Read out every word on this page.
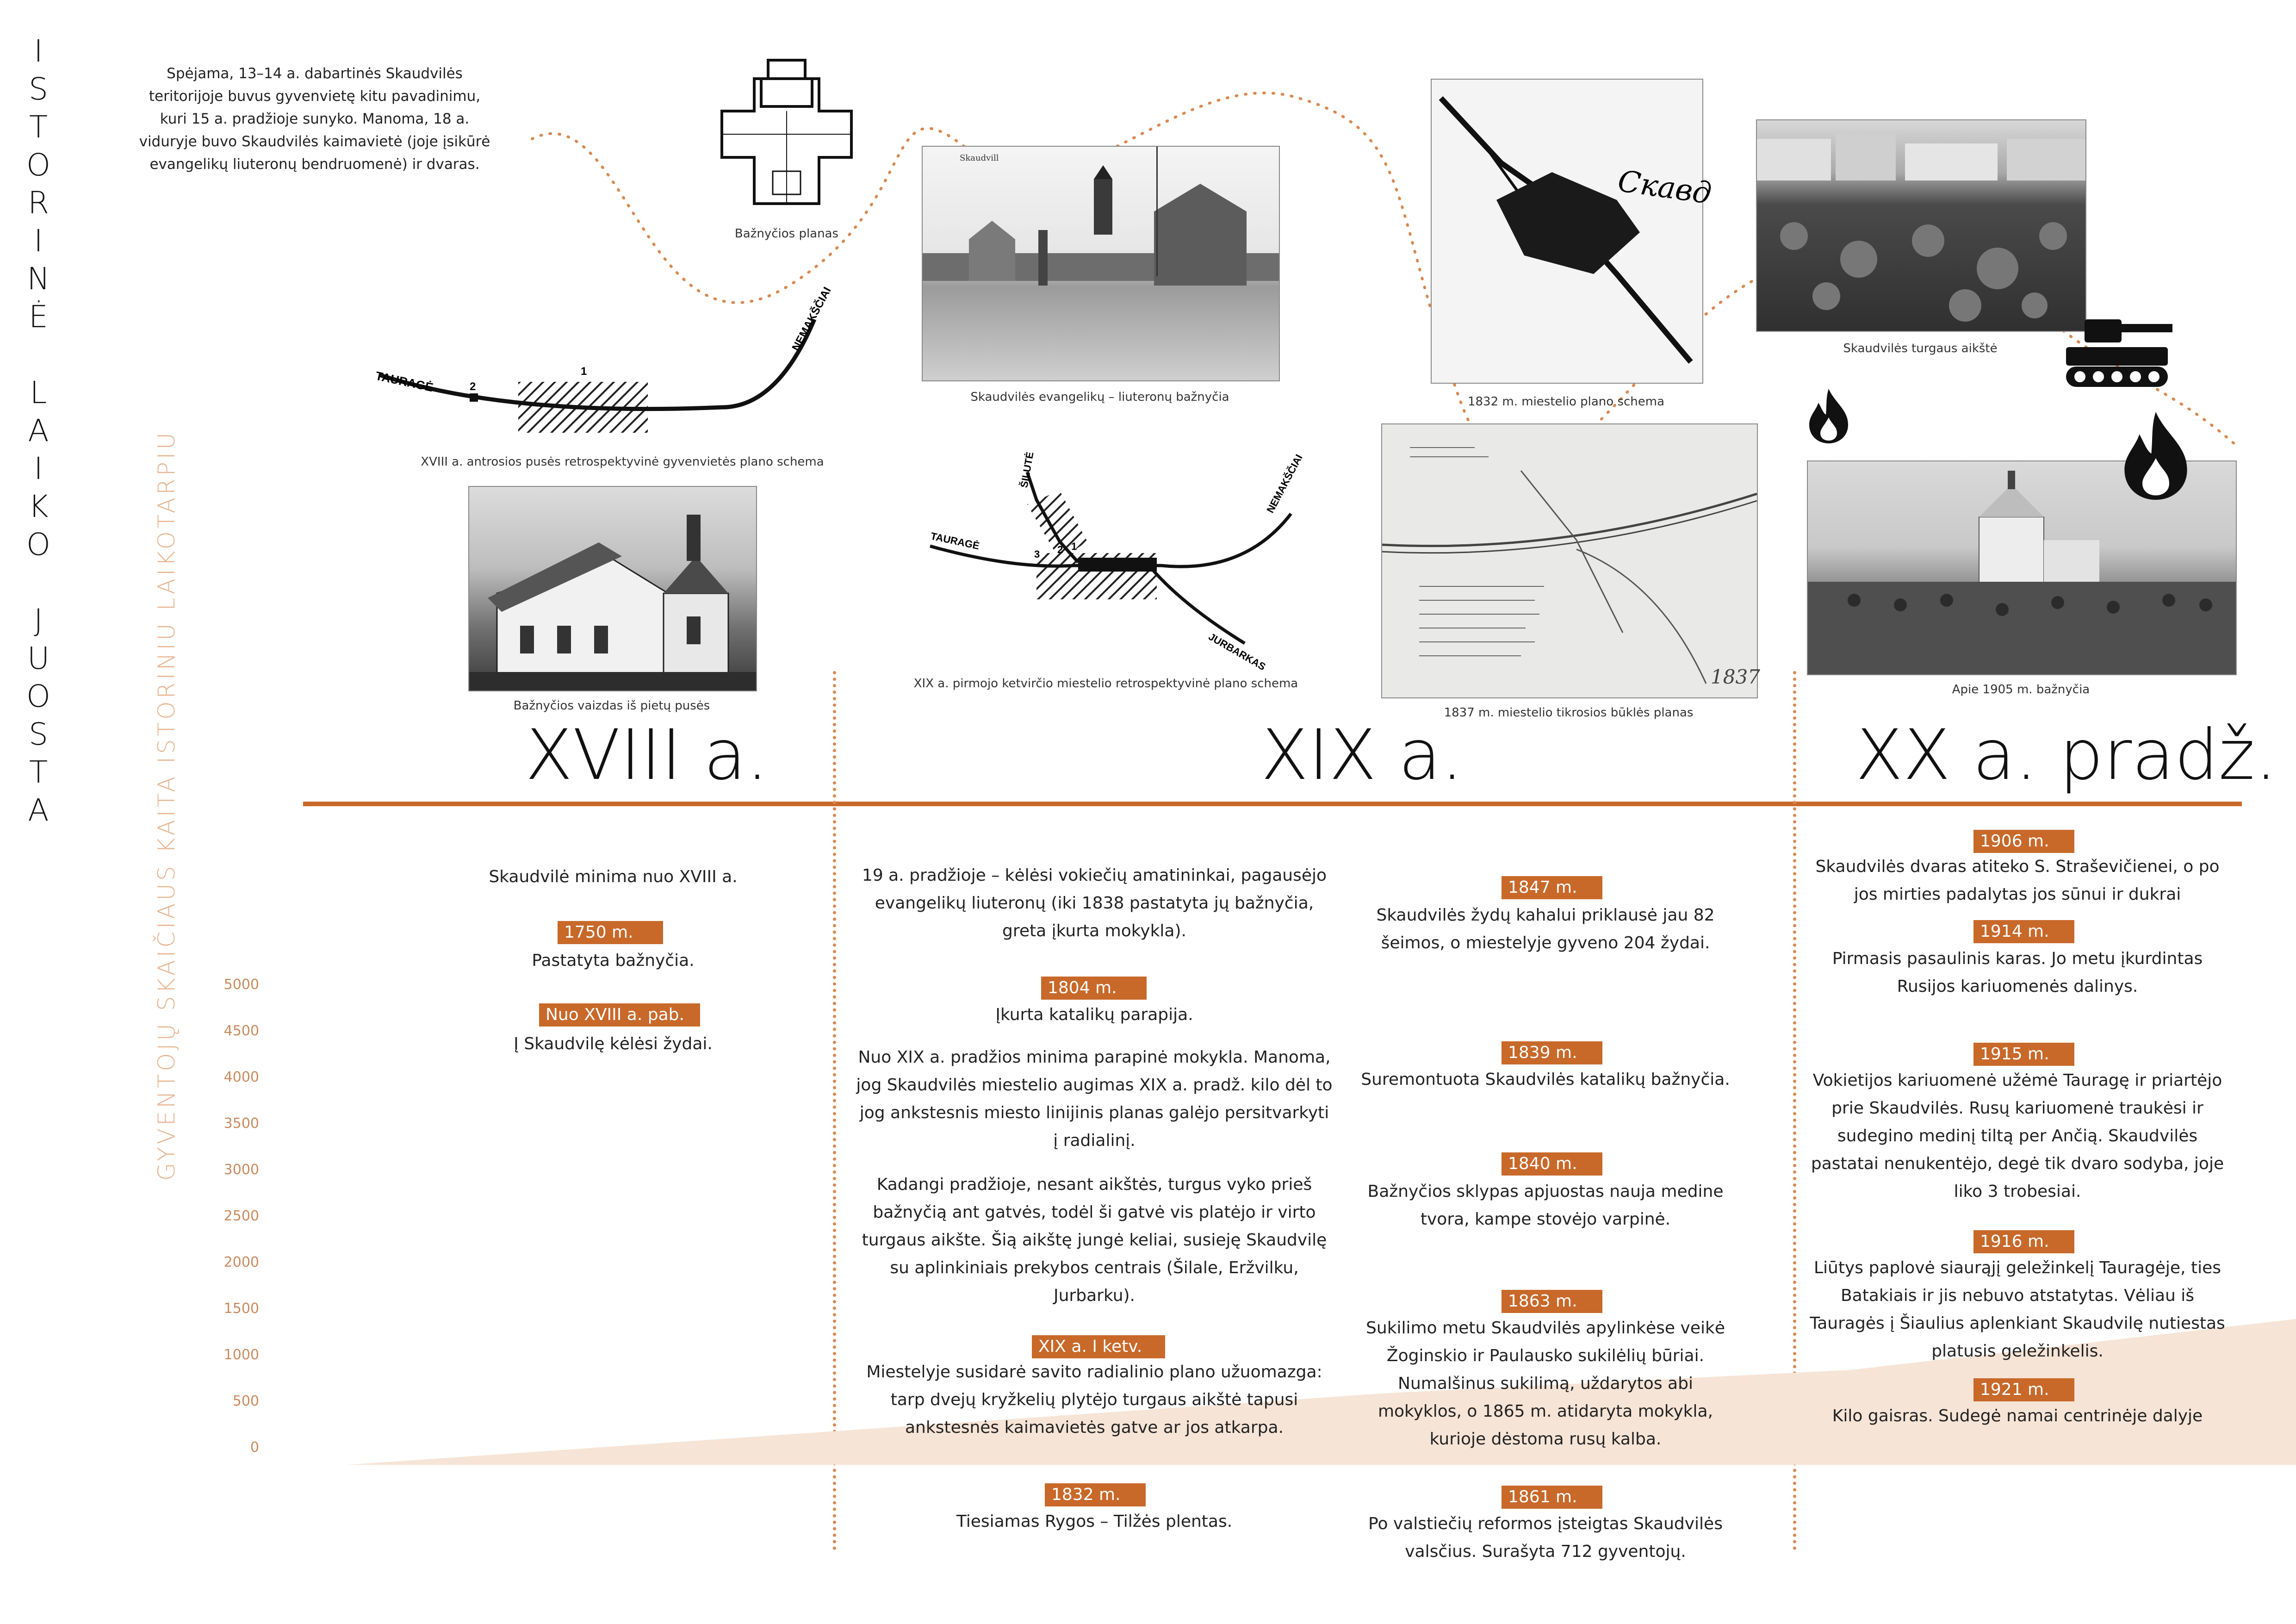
I
S
T
O
R
I
N
Ė
L
A
I
K
O
J
U
O
S
T
A
Spėjama, 13–14 a. dabartinės Skaudvilės teritorijoje buvus gyvenvietę kitu pavadinimu, kuri 15 a. pradžioje sunyko. Manoma, 18 a. viduryje buvo Skaudvilės kaimavietė (joje įsikūrė evangelikų liuteronų bendruomenė) ir dvaras.
Bažnyčios planas
TAURAGĖ
NEMAKŠČIAI
2
1
XVIII a. antrosios pusės retrospektyvinė gyvenvietės plano schema
Bažnyčios vaizdas iš pietų pusės
Skaudvill
Skaudvilės evangelikų – liuteronų bažnyčia
TAURAGĖ
ŠILUTĖ	NEMAKŠČIAI
JURBARKAS
3 2 1
XIX a. pirmojo ketvirčio miestelio retrospektyvinė plano schema
Скавд
1832 m. miestelio plano schema
1837
1837 m. miestelio tikrosios būklės planas
Skaudvilės turgaus aikštė
Apie 1905 m. bažnyčia
XVIII a.	XIX a.	XX a. pradž.
GYVENTOJŲ SKAIČIAUS KAITA ISTORINIU LAIKOTARPIU	5000
4500
4000
3500
3000
2500
2000
1500
1000
500
0
Skaudvilė minima nuo XVIII a.
1750 m.
Pastatyta bažnyčia.
Nuo XVIII a. pab.
Į Skaudvilę kėlėsi žydai.
19 a. pradžioje – kėlėsi vokiečių amatininkai, pagausėjo evangelikų liuteronų (iki 1838 pastatyta jų bažnyčia, greta įkurta mokykla).
1804 m.
Įkurta katalikų parapija.
Nuo XIX a. pradžios minima parapinė mokykla. Manoma, jog Skaudvilės miestelio augimas XIX a. pradž. kilo dėl to jog ankstesnis miesto linijinis planas galėjo persitvarkyti į radialinį.
Kadangi pradžioje, nesant aikštės, turgus vyko prieš bažnyčią ant gatvės, todėl ši gatvė vis platėjo ir virto turgaus aikšte. Šią aikštę jungė keliai, susieję Skaudvilę su aplinkiniais prekybos centrais (Šilale, Eržvilku, Jurbarku).
XIX a. I ketv.
Miestelyje susidarė savito radialinio plano užuomazga: tarp dvejų kryžkelių plytėjo turgaus aikštė tapusi ankstesnės kaimavietės gatve ar jos atkarpa.
1832 m.
Tiesiamas Rygos – Tilžės plentas.
1847 m.
Skaudvilės žydų kahalui priklausė jau 82 šeimos, o miestelyje gyveno 204 žydai.
1839 m.
Suremontuota Skaudvilės katalikų bažnyčia.
1840 m.
Bažnyčios sklypas apjuostas nauja medine tvora, kampe stovėjo varpinė.
1863 m.
Sukilimo metu Skaudvilės apylinkėse veikė Žoginskio ir Paulausko sukilėlių būriai. Numalšinus sukilimą, uždarytos abi mokyklos, o 1865 m. atidaryta mokykla, kurioje dėstoma rusų kalba.
1861 m.
Po valstiečių reformos įsteigtas Skaudvilės valsčius. Surašyta 712 gyventojų.
1906 m.
Skaudvilės dvaras atiteko S. Straševičienei, o po jos mirties padalytas jos sūnui ir dukrai
1914 m.
Pirmasis pasaulinis karas. Jo metu įkurdintas Rusijos kariuomenės dalinys.
1915 m.
Vokietijos kariuomenė užėmė Tauragę ir priartėjo prie Skaudvilės. Rusų kariuomenė traukėsi ir sudegino medinį tiltą per Ančią. Skaudvilės pastatai nenukentėjo, degė tik dvaro sodyba, joje liko 3 trobesiai.
1916 m.
Liūtys paplovė siaurąjį geležinkelį Tauragėje, ties Batakiais ir jis nebuvo atstatytas. Vėliau iš Tauragės į Šiaulius aplenkiant Skaudvilę nutiestas platusis geležinkelis.
1921 m.
Kilo gaisras. Sudegė namai centrinėje dalyje
